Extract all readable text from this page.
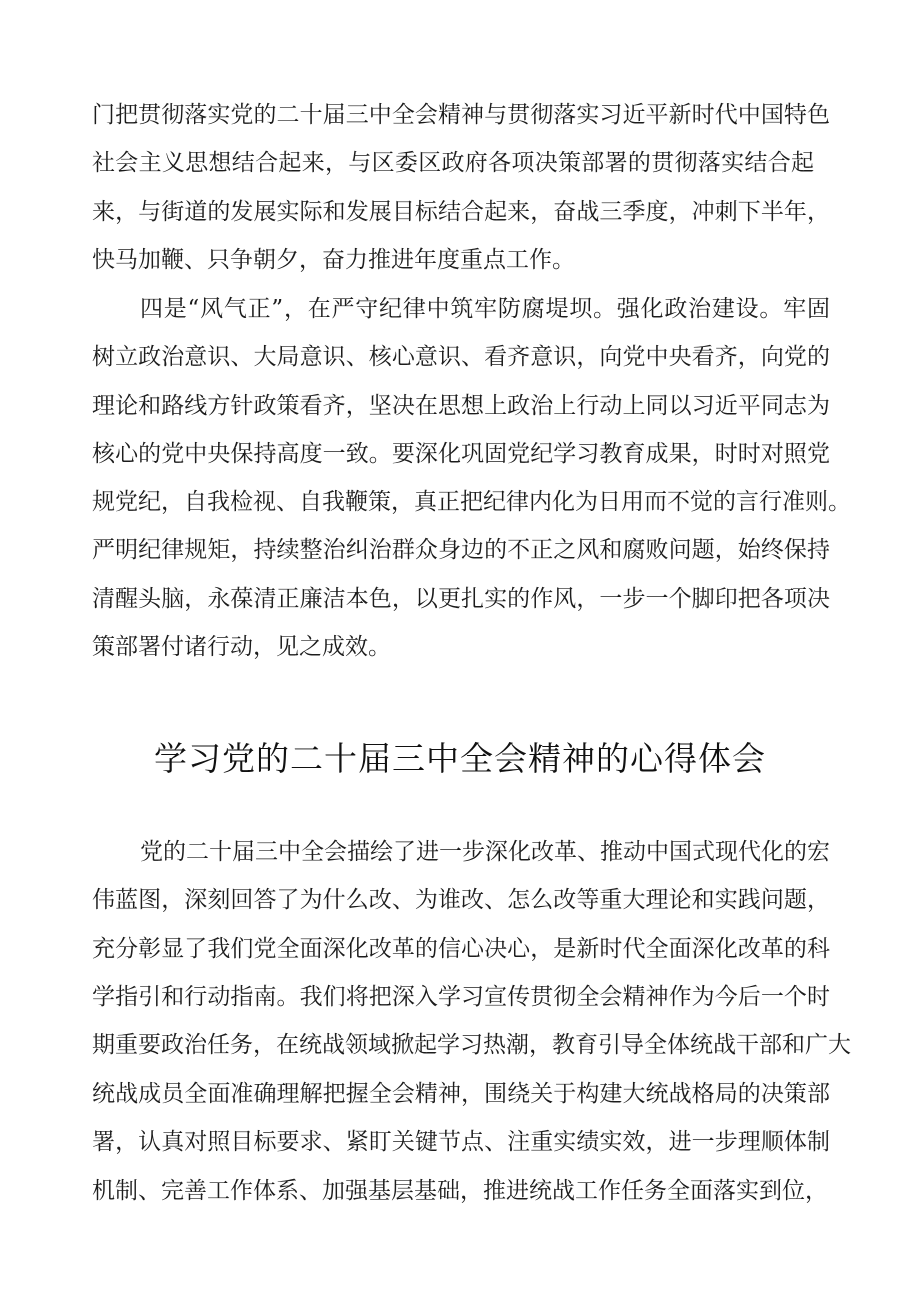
门把贯彻落实党的二十届三中全会精神与贯彻落实习近平新时代中国特色
社会主义思想结合起来，与区委区政府各项决策部署的贯彻落实结合起
来，与街道的发展实际和发展目标结合起来，奋战三季度，冲刺下半年，
快马加鞭、只争朝夕，奋力推进年度重点工作。
四是“风气正”，在严守纪律中筑牢防腐堤坝。强化政治建设。牢固
树立政治意识、大局意识、核心意识、看齐意识，向党中央看齐，向党的
理论和路线方针政策看齐，坚决在思想上政治上行动上同以习近平同志为
核心的党中央保持高度一致。要深化巩固党纪学习教育成果，时时对照党
规党纪，自我检视、自我鞭策，真正把纪律内化为日用而不觉的言行准则。
严明纪律规矩，持续整治纠治群众身边的不正之风和腐败问题，始终保持
清醒头脑，永葆清正廉洁本色，以更扎实的作风，一步一个脚印把各项决
策部署付诸行动，见之成效。
学习党的二十届三中全会精神的心得体会
党的二十届三中全会描绘了进一步深化改革、推动中国式现代化的宏
伟蓝图，深刻回答了为什么改、为谁改、怎么改等重大理论和实践问题，
充分彰显了我们党全面深化改革的信心决心，是新时代全面深化改革的科
学指引和行动指南。我们将把深入学习宣传贯彻全会精神作为今后一个时
期重要政治任务，在统战领域掀起学习热潮，教育引导全体统战干部和广大
统战成员全面准确理解把握全会精神，围绕关于构建大统战格局的决策部
署，认真对照目标要求、紧盯关键节点、注重实绩实效，进一步理顺体制
机制、完善工作体系、加强基层基础，推进统战工作任务全面落实到位，
